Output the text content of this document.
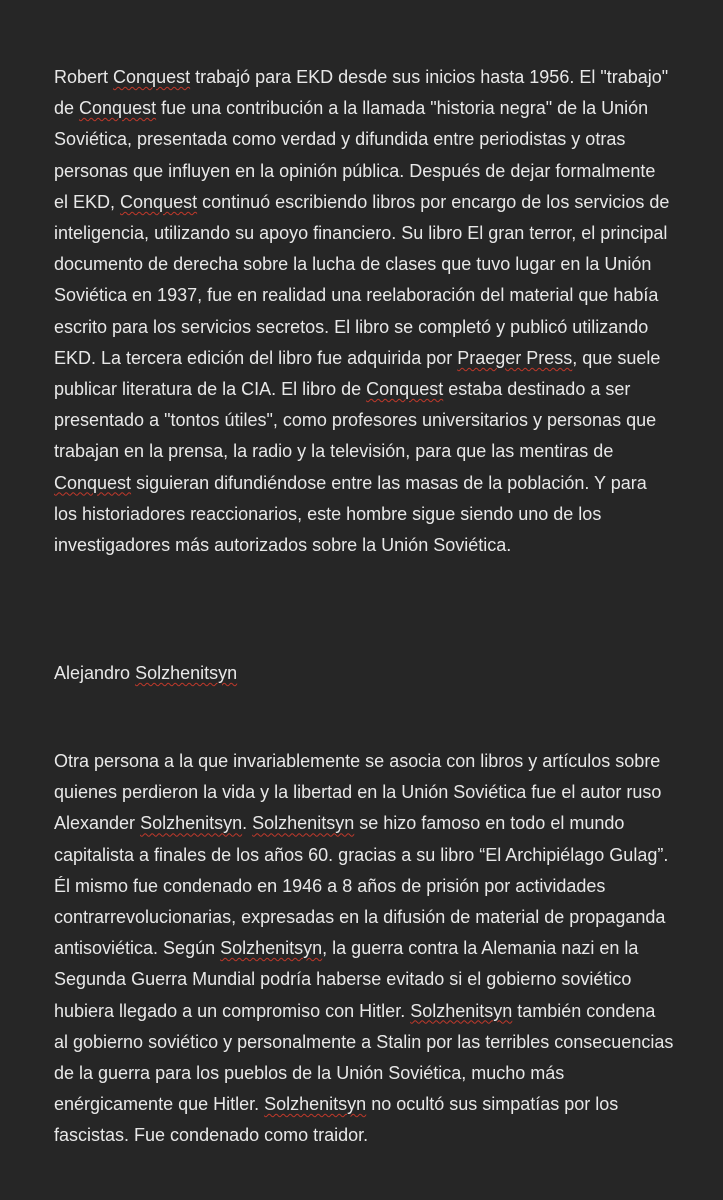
Robert Conquest trabajó para EKD desde sus inicios hasta 1956. El "trabajo" de Conquest fue una contribución a la llamada "historia negra" de la Unión Soviética, presentada como verdad y difundida entre periodistas y otras personas que influyen en la opinión pública. Después de dejar formalmente el EKD, Conquest continuó escribiendo libros por encargo de los servicios de inteligencia, utilizando su apoyo financiero. Su libro El gran terror, el principal documento de derecha sobre la lucha de clases que tuvo lugar en la Unión Soviética en 1937, fue en realidad una reelaboración del material que había escrito para los servicios secretos. El libro se completó y publicó utilizando EKD. La tercera edición del libro fue adquirida por Praeger Press, que suele publicar literatura de la CIA. El libro de Conquest estaba destinado a ser presentado a "tontos útiles", como profesores universitarios y personas que trabajan en la prensa, la radio y la televisión, para que las mentiras de Conquest siguieran difundiéndose entre las masas de la población. Y para los historiadores reaccionarios, este hombre sigue siendo uno de los investigadores más autorizados sobre la Unión Soviética.

Alejandro Solzhenitsyn

Otra persona a la que invariablemente se asocia con libros y artículos sobre quienes perdieron la vida y la libertad en la Unión Soviética fue el autor ruso Alexander Solzhenitsyn. Solzhenitsyn se hizo famoso en todo el mundo capitalista a finales de los años 60. gracias a su libro “El Archipiélago Gulag”. Él mismo fue condenado en 1946 a 8 años de prisión por actividades contrarrevolucionarias, expresadas en la difusión de material de propaganda antisoviética. Según Solzhenitsyn, la guerra contra la Alemania nazi en la Segunda Guerra Mundial podría haberse evitado si el gobierno soviético hubiera llegado a un compromiso con Hitler. Solzhenitsyn también condena al gobierno soviético y personalmente a Stalin por las terribles consecuencias de la guerra para los pueblos de la Unión Soviética, mucho más enérgicamente que Hitler. Solzhenitsyn no ocultó sus simpatías por los fascistas. Fue condenado como traidor.
